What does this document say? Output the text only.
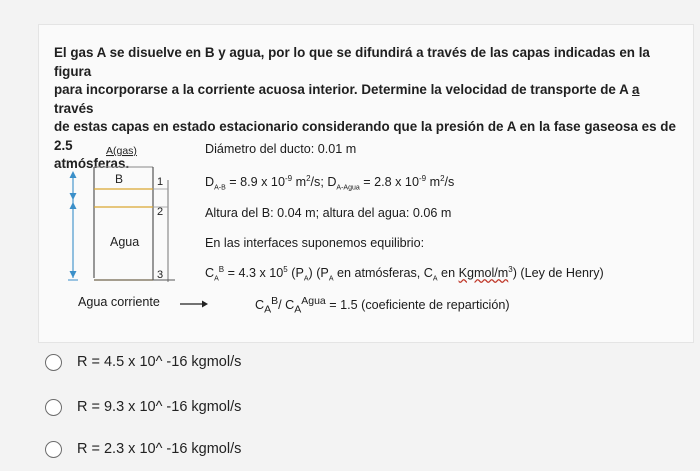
El gas A se disuelve en B y agua, por lo que se difundirá a través de las capas indicadas en la figura
para incorporarse a la corriente acuosa interior. Determine la velocidad de transporte de A a través
de estas capas en estado estacionario considerando que la presión de A en la fase gaseosa es de 2.5
atmósferas.
A(gas)
B
Agua
1
2
3
Diámetro del ducto: 0.01 m
$D_{A-B} = 8.9$ x $10^{-9}$ $m^2/s$; $D_{A-Agua} = 2.8$ x $10^{-9}$ $m^2/s$
Altura del B: 0.04 m; altura del agua: 0.06 m
En las interfaces suponemos equilibrio:
$C_A^B = 4.3$ x $10^5$ $(P_A)$ ($P_A$ en atmósferas, $C_A$ en Kgmol/$m^3$) (Ley de Henry)
Agua corriente	$C_A^B/$ $C_A^{Agua} = 1.5$ (coeficiente de repartición)
R = 4.5 x 10^ -16 kgmol/s
R = 9.3 x 10^ -16 kgmol/s
R = 2.3 x 10^ -16 kgmol/s
